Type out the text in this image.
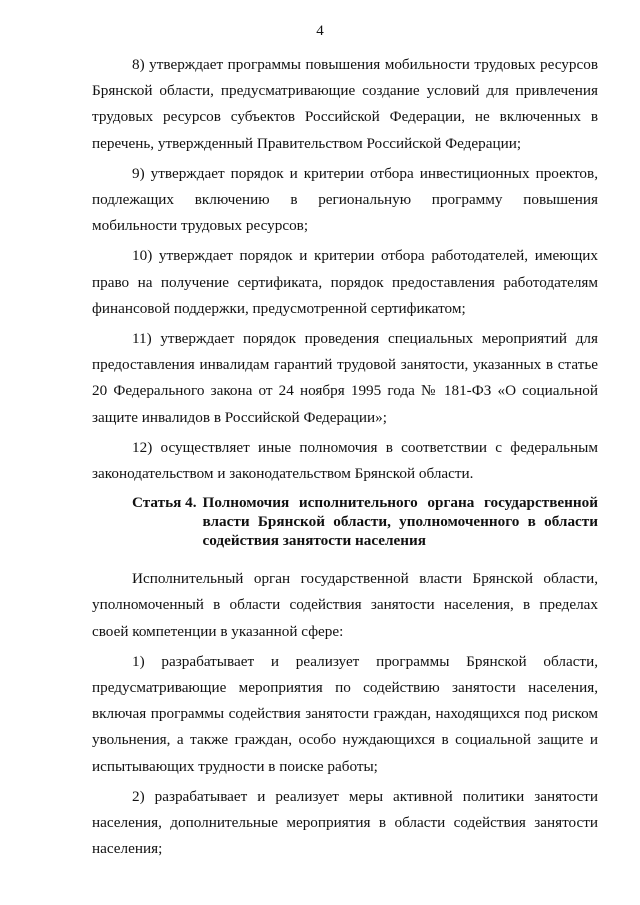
4

8) утверждает программы повышения мобильности трудовых ресурсов Брянской области, предусматривающие создание условий для привлечения трудовых ресурсов субъектов Российской Федерации, не включенных в перечень, утвержденный Правительством Российской Федерации;

9) утверждает порядок и критерии отбора инвестиционных проектов, подлежащих включению в региональную программу повышения мобильности трудовых ресурсов;

10) утверждает порядок и критерии отбора работодателей, имеющих право на получение сертификата, порядок предоставления работодателям финансовой поддержки, предусмотренной сертификатом;

11) утверждает порядок проведения специальных мероприятий для предоставления инвалидам гарантий трудовой занятости, указанных в статье 20 Федерального закона от 24 ноября 1995 года № 181-ФЗ «О социальной защите инвалидов в Российской Федерации»;

12) осуществляет иные полномочия в соответствии с федеральным законодательством и законодательством Брянской области.

Статья 4. Полномочия исполнительного органа государственной власти Брянской области, уполномоченного в области содействия занятости населения

Исполнительный орган государственной власти Брянской области, уполномоченный в области содействия занятости населения, в пределах своей компетенции в указанной сфере:

1) разрабатывает и реализует программы Брянской области, предусматривающие мероприятия по содействию занятости населения, включая программы содействия занятости граждан, находящихся под риском увольнения, а также граждан, особо нуждающихся в социальной защите и испытывающих трудности в поиске работы;

2) разрабатывает и реализует меры активной политики занятости населения, дополнительные мероприятия в области содействия занятости населения;
